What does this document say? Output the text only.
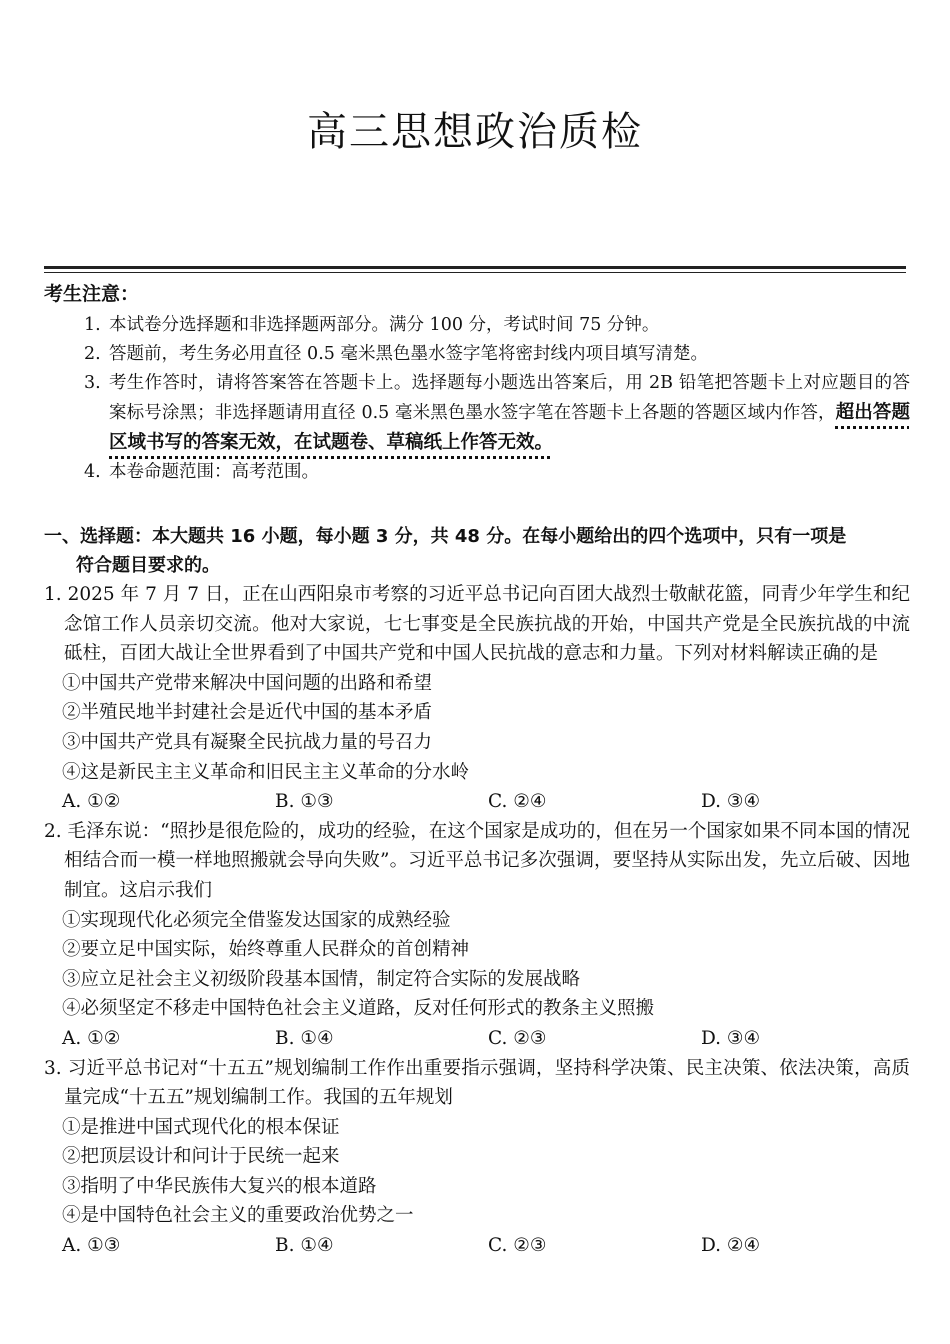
高三思想政治质检
考生注意：
1. 本试卷分选择题和非选择题两部分。满分 100 分，考试时间 75 分钟。
2. 答题前，考生务必用直径 0.5 毫米黑色墨水签字笔将密封线内项目填写清楚。
3. 考生作答时，请将答案答在答题卡上。选择题每小题选出答案后，用 2B 铅笔把答题卡上对应题目的答案标号涂黑；非选择题请用直径 0.5 毫米黑色墨水签字笔在答题卡上各题的答题区域内作答，超出答题区域书写的答案无效，在试题卷、草稿纸上作答无效。
4. 本卷命题范围：高考范围。
一、选择题：本大题共 16 小题，每小题 3 分，共 48 分。在每小题给出的四个选项中，只有一项是
符合题目要求的。
1. 2025 年 7 月 7 日，正在山西阳泉市考察的习近平总书记向百团大战烈士敬献花篮，同青少年学生和纪念馆工作人员亲切交流。他对大家说，七七事变是全民族抗战的开始，中国共产党是全民族抗战的中流砥柱，百团大战让全世界看到了中国共产党和中国人民抗战的意志和力量。下列对材料解读正确的是
①中国共产党带来解决中国问题的出路和希望
②半殖民地半封建社会是近代中国的基本矛盾
③中国共产党具有凝聚全民抗战力量的号召力
④这是新民主主义革命和旧民主主义革命的分水岭
A. ①②	B. ①③	C. ②④	D. ③④
2. 毛泽东说：“照抄是很危险的，成功的经验，在这个国家是成功的，但在另一个国家如果不同本国的情况相结合而一模一样地照搬就会导向失败”。习近平总书记多次强调，要坚持从实际出发，先立后破、因地制宜。这启示我们
①实现现代化必须完全借鉴发达国家的成熟经验
②要立足中国实际，始终尊重人民群众的首创精神
③应立足社会主义初级阶段基本国情，制定符合实际的发展战略
④必须坚定不移走中国特色社会主义道路，反对任何形式的教条主义照搬
A. ①②	B. ①④	C. ②③	D. ③④
3. 习近平总书记对“十五五”规划编制工作作出重要指示强调，坚持科学决策、民主决策、依法决策，高质量完成“十五五”规划编制工作。我国的五年规划
①是推进中国式现代化的根本保证
②把顶层设计和问计于民统一起来
③指明了中华民族伟大复兴的根本道路
④是中国特色社会主义的重要政治优势之一
A. ①③	B. ①④	C. ②③	D. ②④
